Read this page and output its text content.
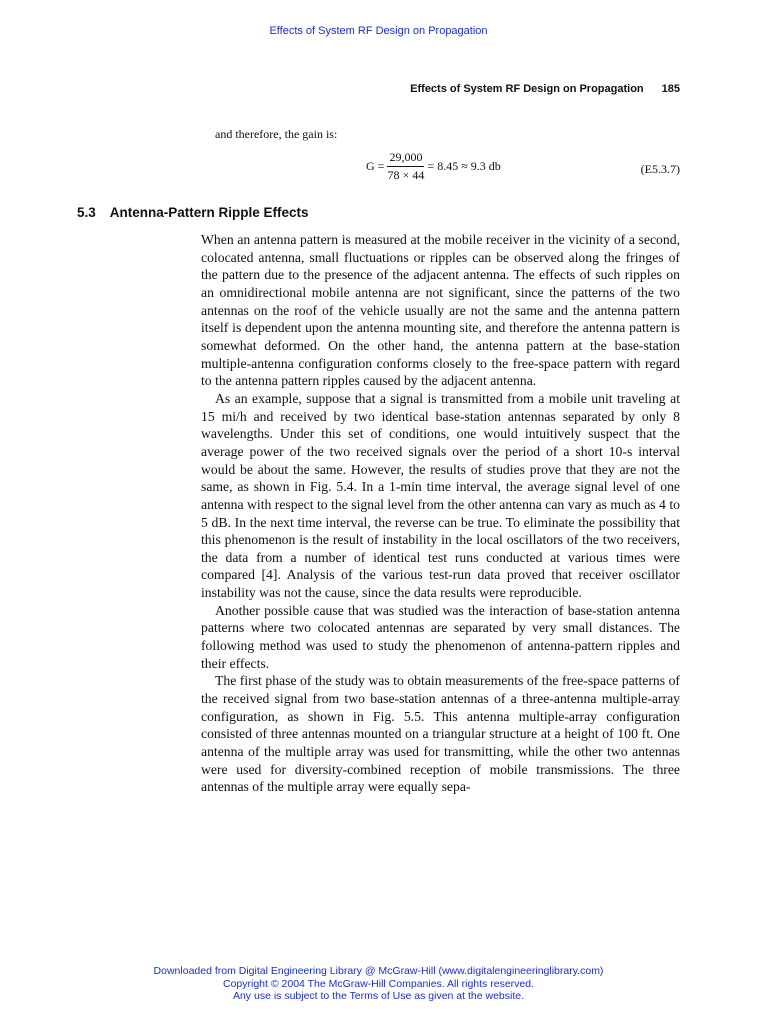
Effects of System RF Design on Propagation
Effects of System RF Design on Propagation 185
and therefore, the gain is:
$G = \frac{29,000}{78 \times 44} = 8.45 \approx 9.3$ db	(E5.3.7)
5.3 Antenna-Pattern Ripple Effects

When an antenna pattern is measured at the mobile receiver in the vicinity of a second, colocated antenna, small fluctuations or ripples can be observed along the fringes of the pattern due to the presence of the adjacent antenna. The effects of such ripples on an omnidirectional mobile antenna are not significant, since the patterns of the two antennas on the roof of the vehicle usually are not the same and the antenna pattern itself is dependent upon the antenna mounting site, and therefore the antenna pattern is somewhat deformed. On the other hand, the antenna pattern at the base-station multiple-antenna configuration conforms closely to the free-space pattern with regard to the antenna pattern ripples caused by the adjacent antenna.

As an example, suppose that a signal is transmitted from a mobile unit traveling at 15 mi/h and received by two identical base-station antennas separated by only 8 wavelengths. Under this set of conditions, one would intuitively suspect that the average power of the two received signals over the period of a short 10-s interval would be about the same. However, the results of studies prove that they are not the same, as shown in Fig. 5.4. In a 1-min time interval, the average signal level of one antenna with respect to the signal level from the other antenna can vary as much as 4 to 5 dB. In the next time interval, the reverse can be true. To eliminate the possibility that this phenomenon is the result of instability in the local oscillators of the two receivers, the data from a number of identical test runs conducted at various times were compared [4]. Analysis of the various test-run data proved that receiver oscillator instability was not the cause, since the data results were reproducible.

Another possible cause that was studied was the interaction of base-station antenna patterns where two colocated antennas are separated by very small distances. The following method was used to study the phenomenon of antenna-pattern ripples and their effects.

The first phase of the study was to obtain measurements of the free-space patterns of the received signal from two base-station antennas of a three-antenna multiple-array configuration, as shown in Fig. 5.5. This antenna multiple-array configuration consisted of three antennas mounted on a triangular structure at a height of 100 ft. One antenna of the multiple array was used for transmitting, while the other two antennas were used for diversity-combined reception of mobile transmissions. The three antennas of the multiple array were equally sepa-

Downloaded from Digital Engineering Library @ McGraw-Hill (www.digitalengineeringlibrary.com)
Copyright © 2004 The McGraw-Hill Companies. All rights reserved.
Any use is subject to the Terms of Use as given at the website.
